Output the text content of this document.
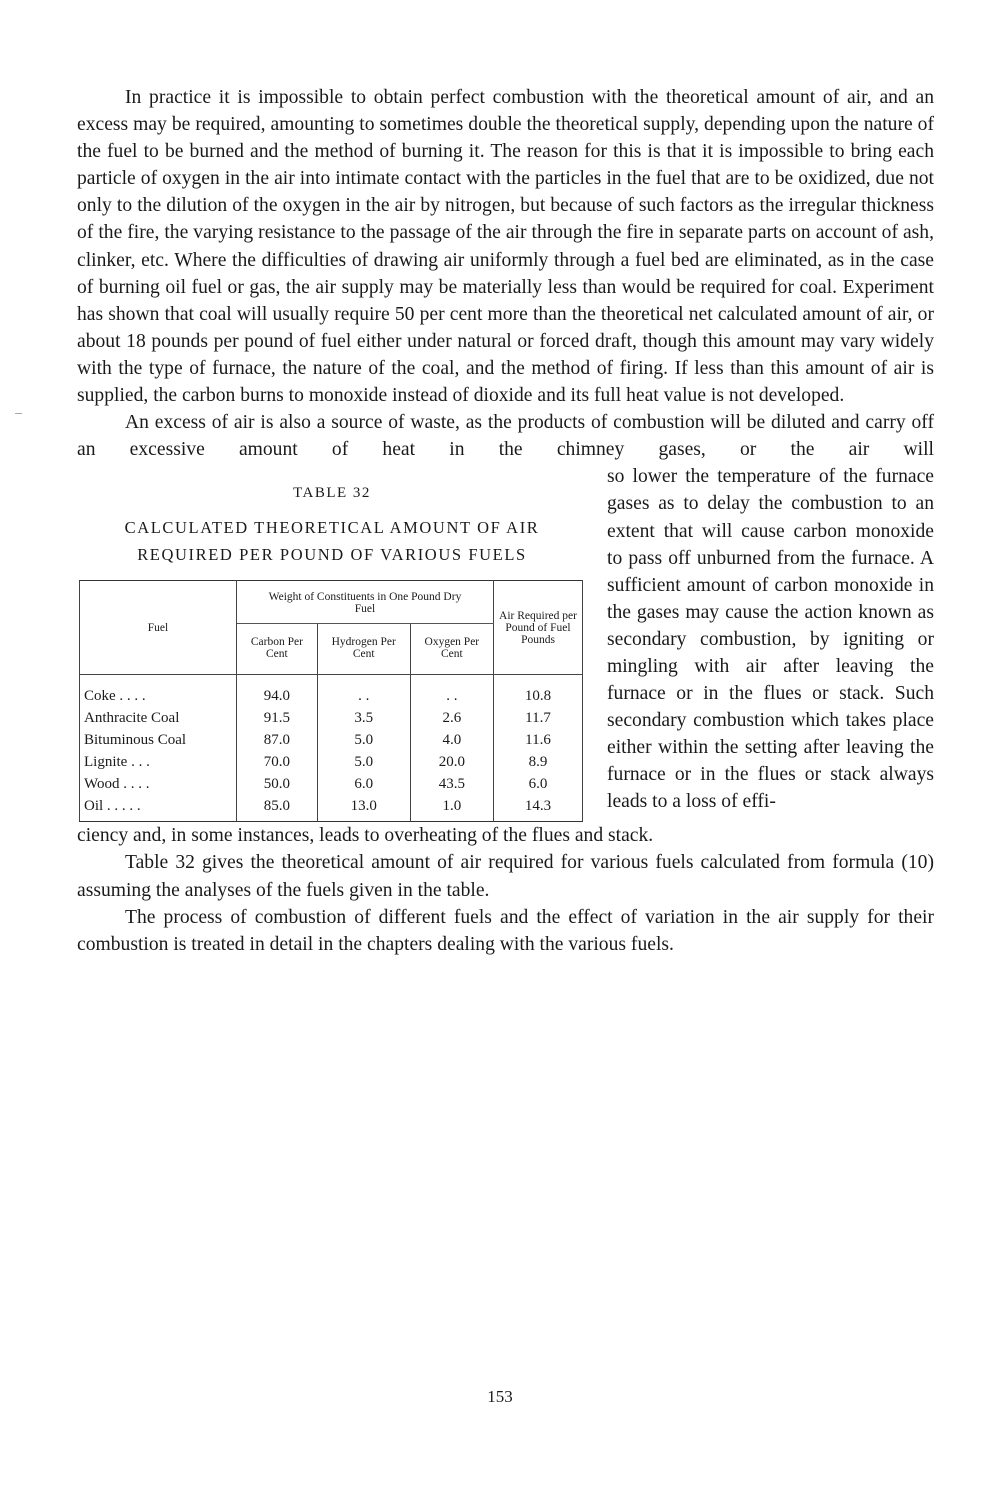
In practice it is impossible to obtain perfect combustion with the theoretical amount of air, and an excess may be required, amounting to sometimes double the theoretical supply, depending upon the nature of the fuel to be burned and the method of burning it. The reason for this is that it is impossible to bring each particle of oxygen in the air into intimate contact with the particles in the fuel that are to be oxidized, due not only to the dilution of the oxygen in the air by nitrogen, but because of such factors as the irregular thickness of the fire, the varying resistance to the passage of the air through the fire in separate parts on account of ash, clinker, etc. Where the difficulties of drawing air uniformly through a fuel bed are eliminated, as in the case of burning oil fuel or gas, the air supply may be materially less than would be required for coal. Experiment has shown that coal will usually require 50 per cent more than the theoretical net calculated amount of air, or about 18 pounds per pound of fuel either under natural or forced draft, though this amount may vary widely with the type of furnace, the nature of the coal, and the method of firing. If less than this amount of air is supplied, the carbon burns to monoxide instead of dioxide and its full heat value is not developed.

An excess of air is also a source of waste, as the products of combustion will be diluted and carry off an excessive amount of heat in the chimney gases, or the air will

TABLE 32
CALCULATED THEORETICAL AMOUNT OF AIR
REQUIRED PER POUND OF VARIOUS FUELS
Fuel	Weight of Constituents in One Pound Dry Fuel			Air Required per Pound of Fuel Pounds
	Carbon Per Cent	Hydrogen Per Cent	Oxygen Per Cent	
Coke . . . .	94.0	. .	. .	10.8
Anthracite Coal	91.5	3.5	2.6	11.7
Bituminous Coal	87.0	5.0	4.0	11.6
Lignite . . .	70.0	5.0	20.0	8.9
Wood . . . .	50.0	6.0	43.5	6.0
Oil . . . . .	85.0	13.0	1.0	14.3
so lower the temperature of the furnace gases as to delay the combustion to an extent that will cause carbon monoxide to pass off unburned from the furnace. A sufficient amount of carbon monoxide in the gases may cause the action known as secondary combustion, by igniting or mingling with air after leaving the furnace or in the flues or stack. Such secondary combustion which takes place either within the setting after leaving the furnace or in the flues or stack always leads to a loss of effi-

ciency and, in some instances, leads to overheating of the flues and stack.

Table 32 gives the theoretical amount of air required for various fuels calculated from formula (10) assuming the analyses of the fuels given in the table.

The process of combustion of different fuels and the effect of variation in the air supply for their combustion is treated in detail in the chapters dealing with the various fuels.

153
